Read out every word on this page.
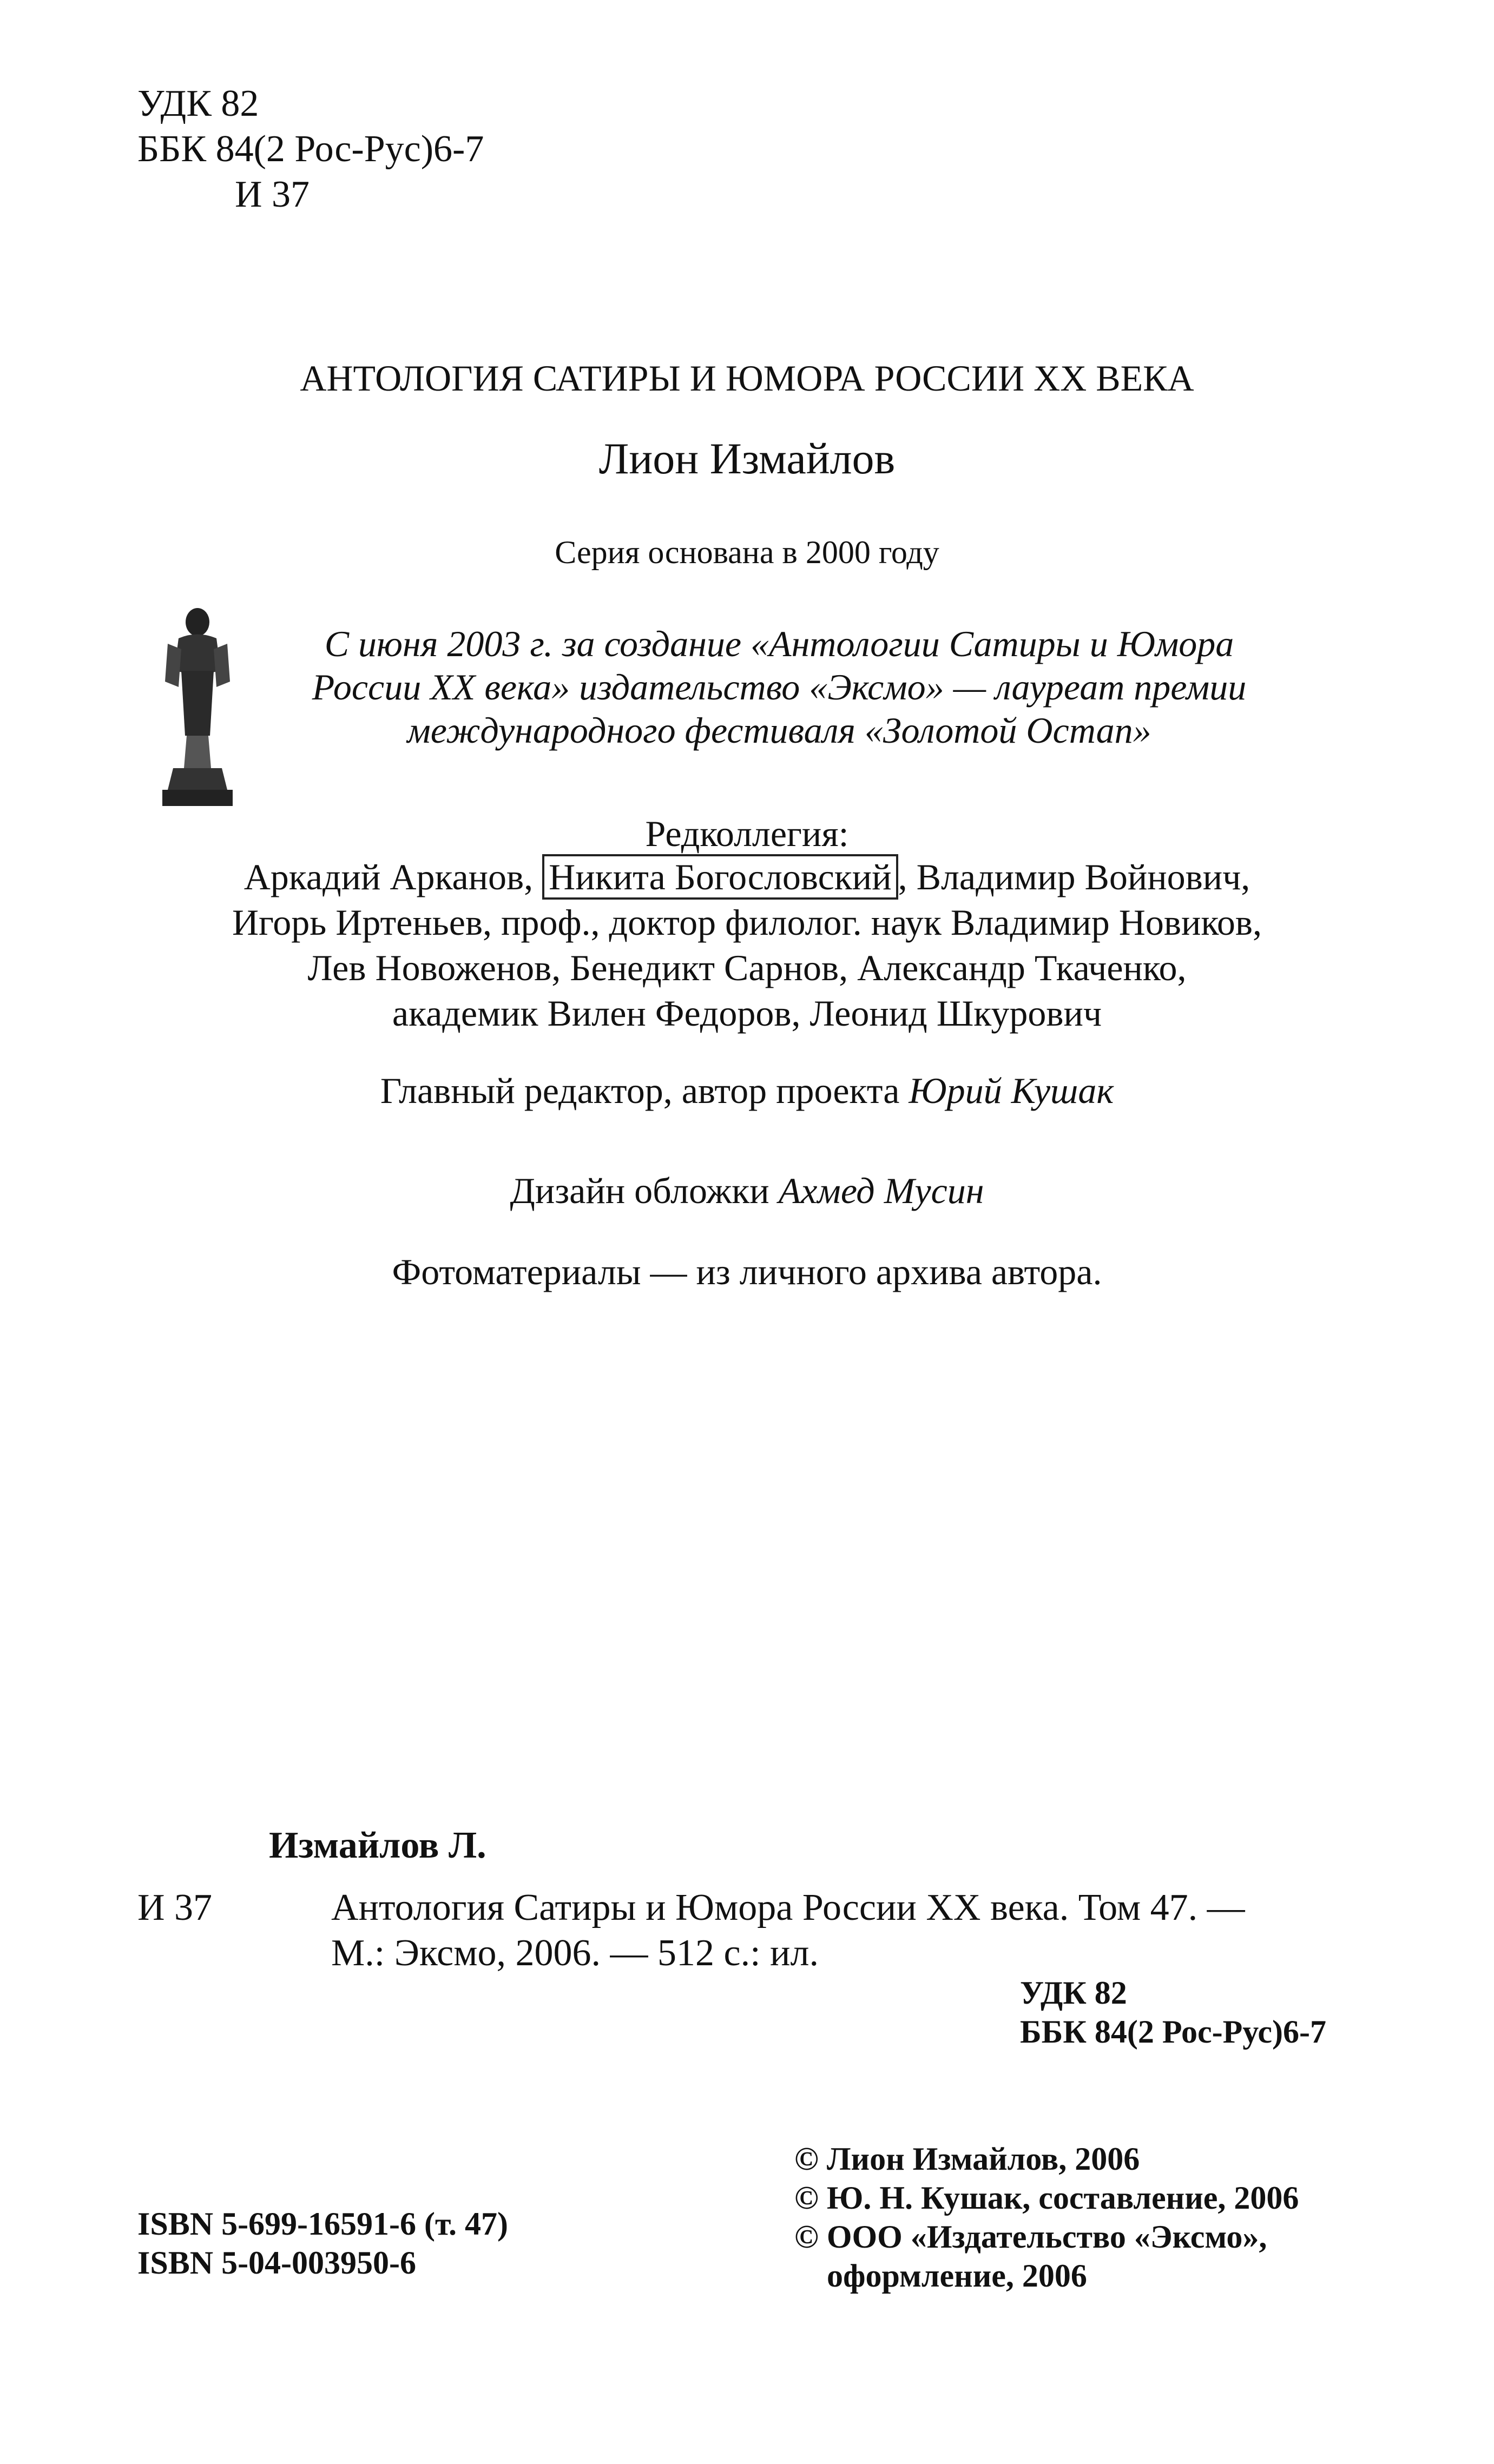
УДК 82
ББК 84(2 Рос-Рус)6-7
И 37
АНТОЛОГИЯ САТИРЫ И ЮМОРА РОССИИ XX ВЕКА
Лион Измайлов
Серия основана в 2000 году
С июня 2003 г. за создание «Антологии Сатиры и Юмора
России XX века» издательство «Эксмо» — лауреат премии
международного фестиваля «Золотой Остап»
Редколлегия:
Аркадий Арканов, Никита Богословский , Владимир Войнович,
Игорь Иртеньев, проф., доктор филолог. наук Владимир Новиков,
Лев Новоженов, Бенедикт Сарнов, Александр Ткаченко,
академик Вилен Федоров, Леонид Шкурович
Главный редактор, автор проекта Юрий Кушак
Дизайн обложки Ахмед Мусин
Фотоматериалы — из личного архива автора.
Измайлов Л.
И 37	Антология Сатиры и Юмора России XX века. Том 47. —
М.: Эксмо, 2006. — 512 с.: ил.
УДК 82
ББК 84(2 Рос-Рус)6-7
© Лион Измайлов, 2006
© Ю. Н. Кушак, составление, 2006
© ООО «Издательство «Эксмо»,
оформление, 2006
ISBN 5-699-16591-6 (т. 47)
ISBN 5-04-003950-6
